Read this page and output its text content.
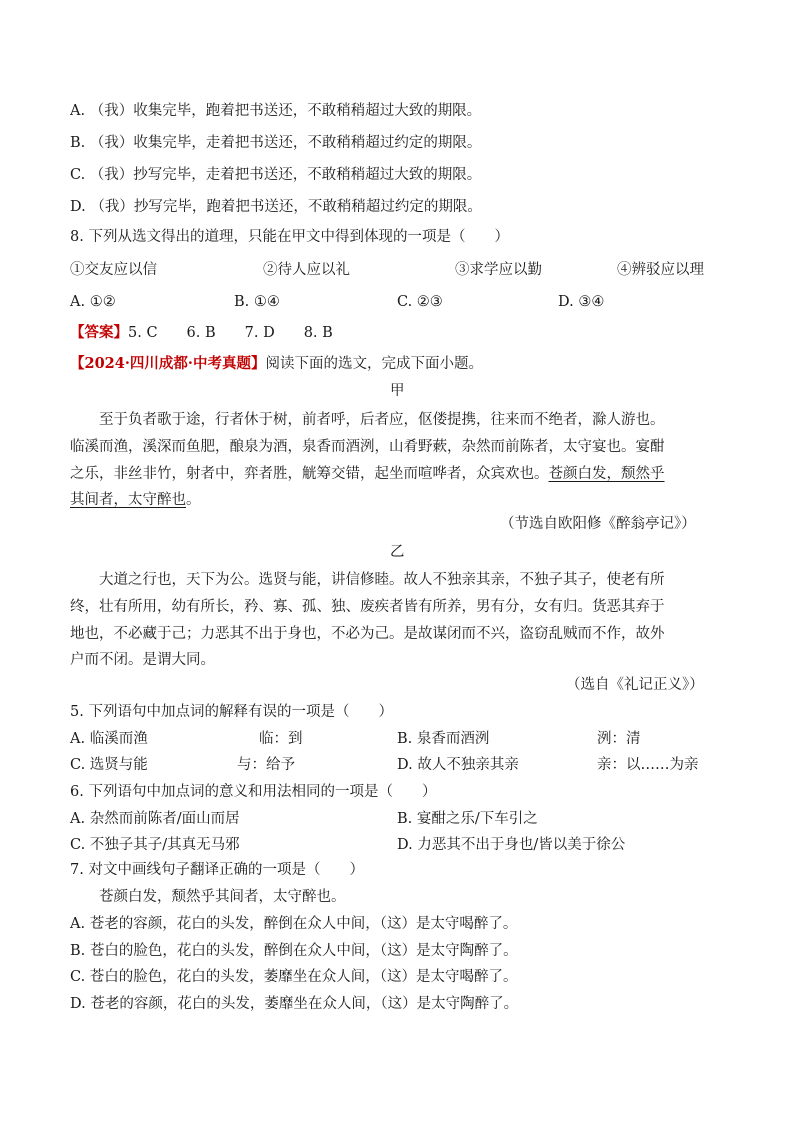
A. （我）收集完毕，跑着把书送还，不敢稍稍超过大致的期限。
B. （我）收集完毕，走着把书送还，不敢稍稍超过约定的期限。
C. （我）抄写完毕，走着把书送还，不敢稍稍超过大致的期限。
D. （我）抄写完毕，跑着把书送还，不敢稍稍超过约定的期限。
8. 下列从选文得出的道理，只能在甲文中得到体现的一项是（　　）
①交友应以信	②待人应以礼	③求学应以勤	④辨驳应以理
A. ①②	B. ①④	C. ②③	D. ③④
【答案】5. C　　6. B　　7. D　　8. B
【2024·四川成都·中考真题】阅读下面的选文，完成下面小题。
甲
至于负者歌于途，行者休于树，前者呼，后者应，伛偻提携，往来而不绝者，滁人游也。
临溪而渔，溪深而鱼肥，酿泉为酒，泉香而酒洌，山肴野蔌，杂然而前陈者，太守宴也。宴酣
之乐，非丝非竹，射者中，弈者胜，觥筹交错，起坐而喧哗者，众宾欢也。苍颜白发，颓然乎
其间者，太守醉也。
（节选自欧阳修《醉翁亭记》）
乙
大道之行也，天下为公。选贤与能，讲信修睦。故人不独亲其亲，不独子其子，使老有所
终，壮有所用，幼有所长，矜、寡、孤、独、废疾者皆有所养，男有分，女有归。货恶其弃于
地也，不必藏于己；力恶其不出于身也，不必为己。是故谋闭而不兴，盗窃乱贼而不作，故外
户而不闭。是谓大同。
（选自《礼记正义》）
5. 下列语句中加点词的解释有误的一项是（　　）
A. 临溪而渔	临：到	B. 泉香而酒洌	洌：清
C. 选贤与能	与：给予	D. 故人不独亲其亲	亲：以……为亲
6. 下列语句中加点词的意义和用法相同的一项是（　　）
A. 杂然而前陈者/面山而居	B. 宴酣之乐/下车引之
C. 不独子其子/其真无马邪	D. 力恶其不出于身也/皆以美于徐公
7. 对文中画线句子翻译正确的一项是（　　）
苍颜白发，颓然乎其间者，太守醉也。
A. 苍老的容颜，花白的头发，醉倒在众人中间，（这）是太守喝醉了。
B. 苍白的脸色，花白的头发，醉倒在众人中间，（这）是太守陶醉了。
C. 苍白的脸色，花白的头发，萎靡坐在众人间，（这）是太守喝醉了。
D. 苍老的容颜，花白的头发，萎靡坐在众人间，（这）是太守陶醉了。
